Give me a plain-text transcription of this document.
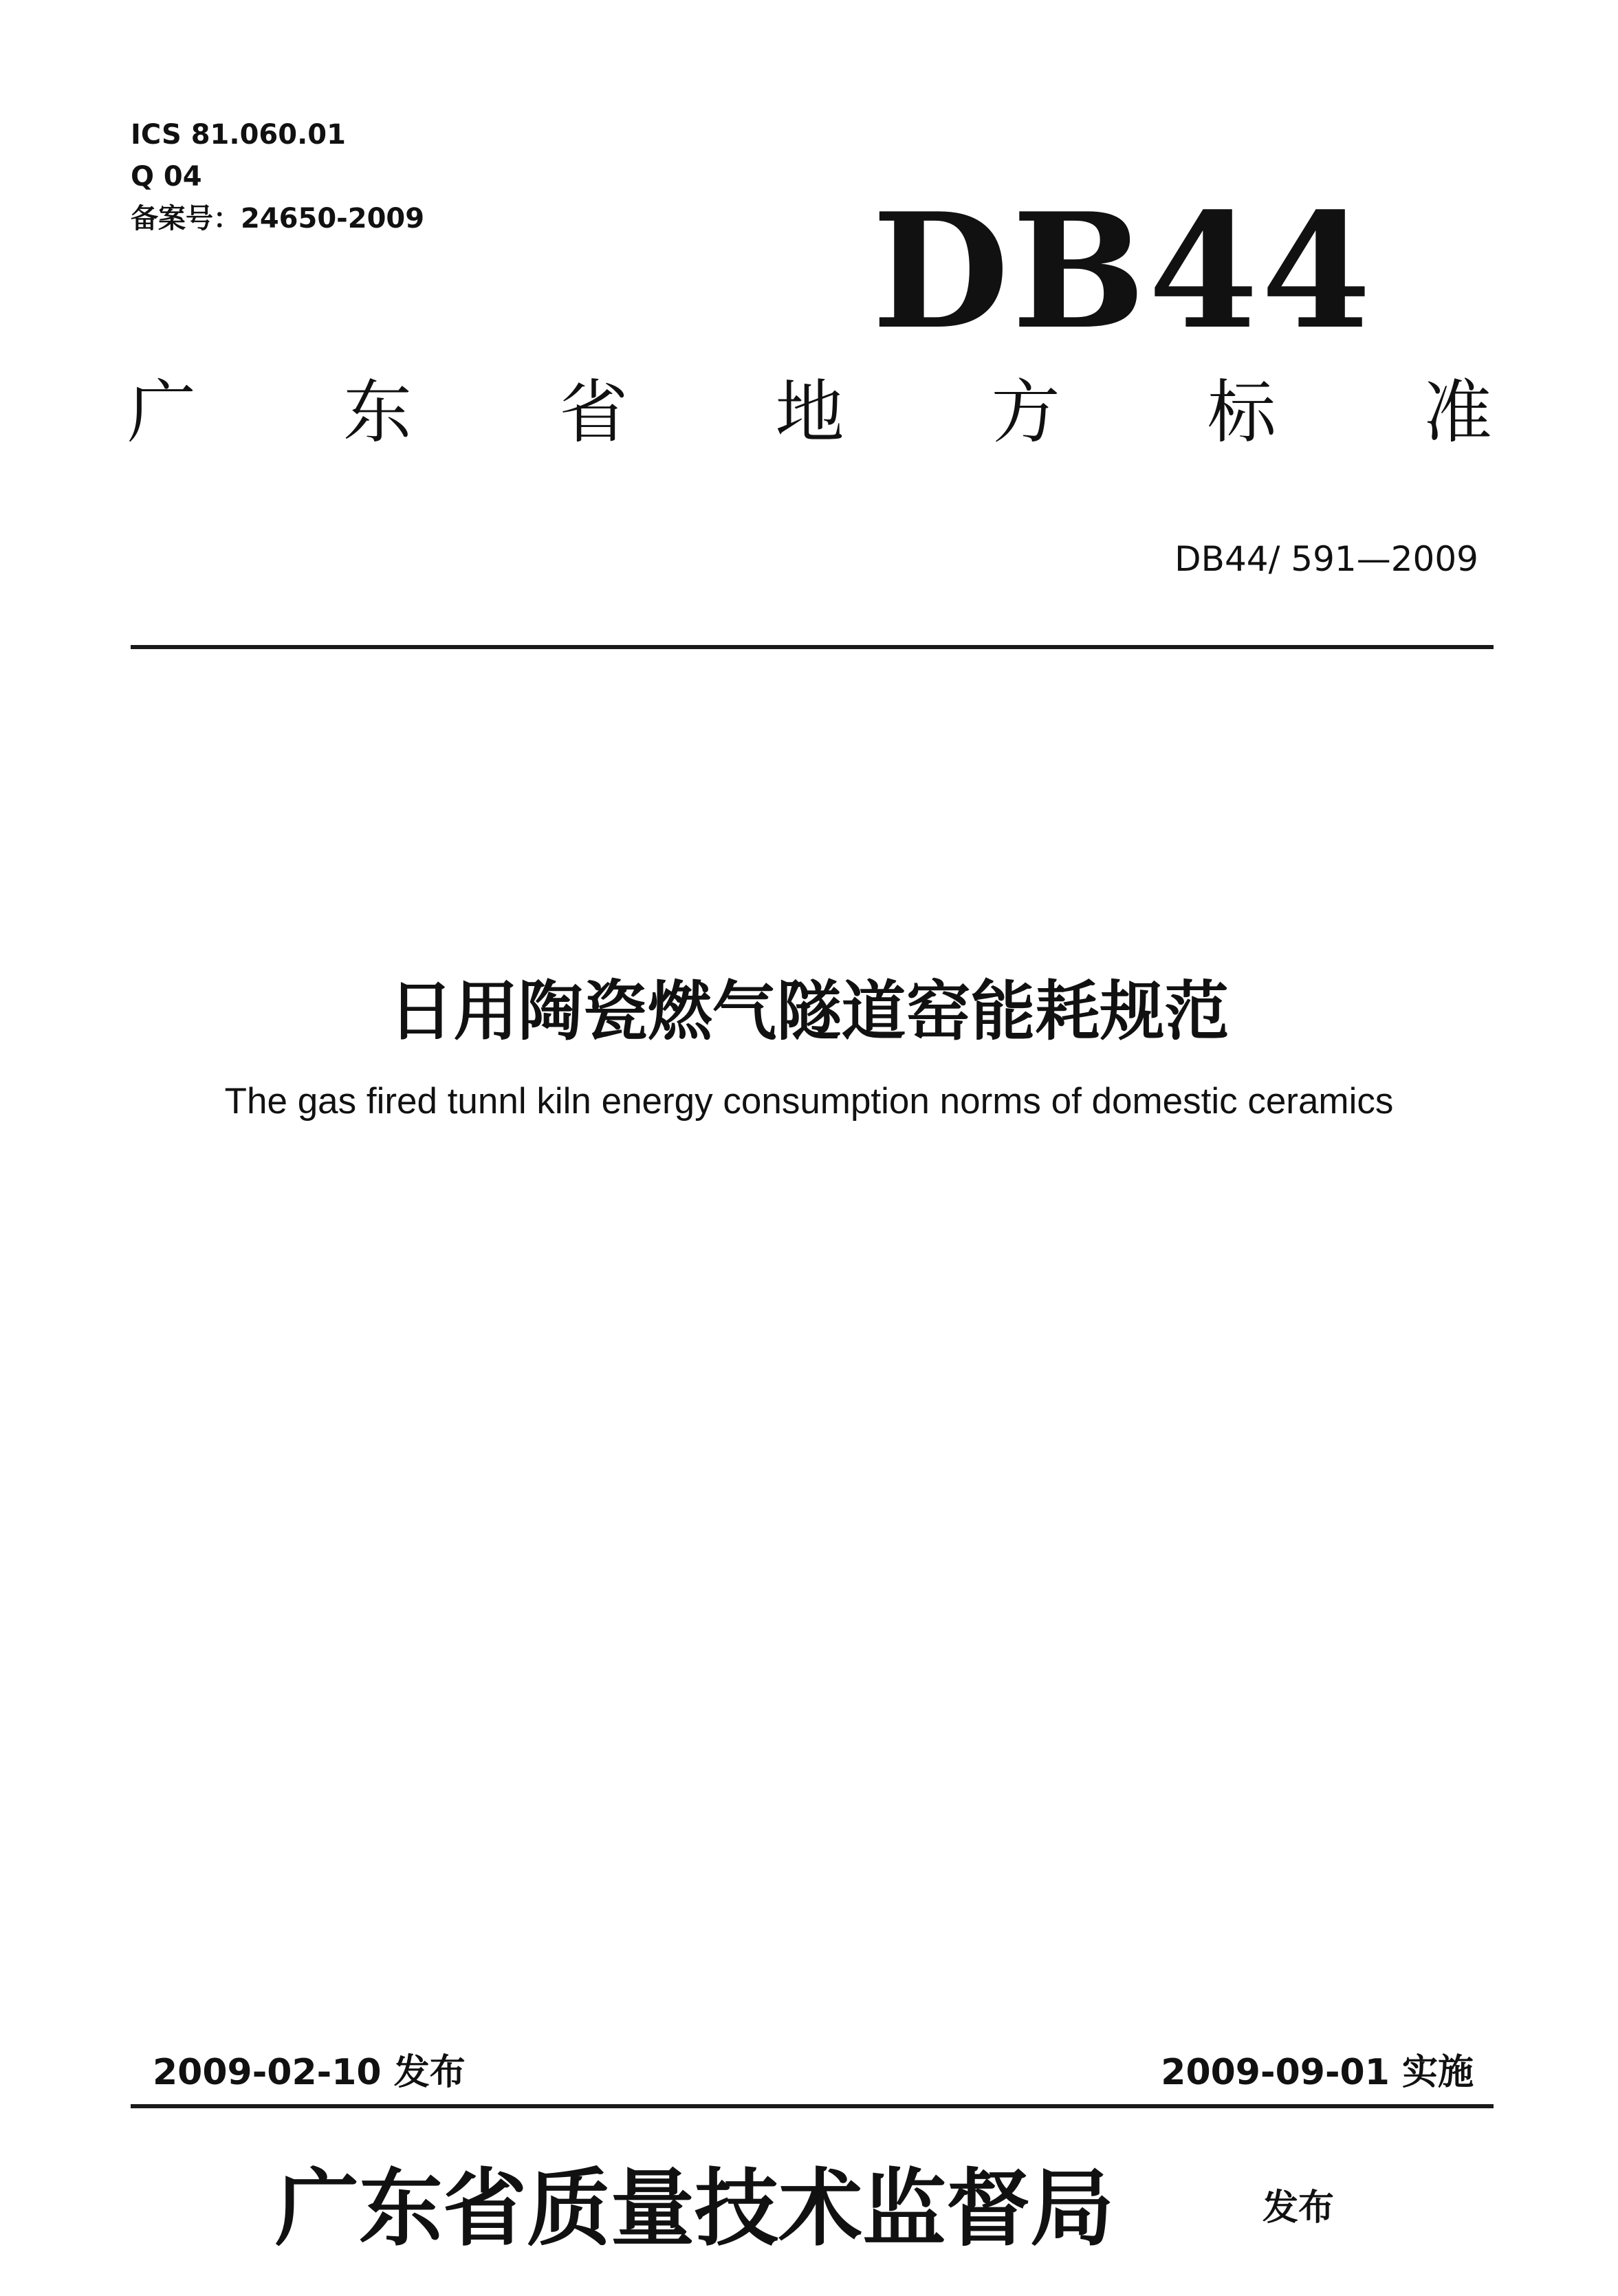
ICS 81.060.01
Q 04
备案号：24650-2009	DB44
广 东 省 地 方 标 准
DB44/ 591—2009
日用陶瓷燃气隧道窑能耗规范
The gas fired tunnl kiln energy consumption norms of domestic ceramics
2009-02-10 发布	2009-09-01 实施
广东省质量技术监督局	发布
